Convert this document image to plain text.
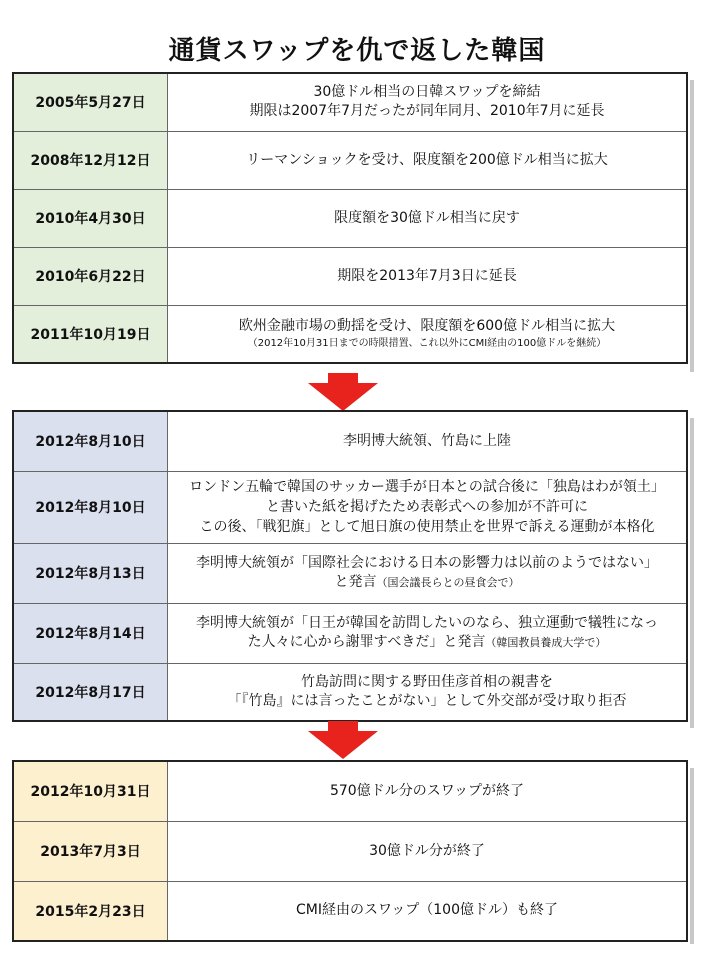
通貨スワップを仇で返した韓国
2005年5月27日	30億ドル相当の日韓スワップを締結
期限は2007年7月だったが同年同月、2010年7月に延長
2008年12月12日	リーマンショックを受け、限度額を200億ドル相当に拡大
2010年4月30日	限度額を30億ドル相当に戻す
2010年6月22日	期限を2013年7月3日に延長
2011年10月19日	欧州金融市場の動揺を受け、限度額を600億ドル相当に拡大
（2012年10月31日までの時限措置、これ以外にCMI経由の100億ドルを継続）
2012年8月10日	李明博大統領、竹島に上陸
2012年8月10日	ロンドン五輪で韓国のサッカー選手が日本との試合後に「独島はわが領土」
と書いた紙を掲げたため表彰式への参加が不許可に
この後、「戦犯旗」として旭日旗の使用禁止を世界で訴える運動が本格化
2012年8月13日	李明博大統領が「国際社会における日本の影響力は以前のようではない」
と発言（国会議長らとの昼食会で）
2012年8月14日	李明博大統領が「日王が韓国を訪問したいのなら、独立運動で犠牲になっ
た人々に心から謝罪すべきだ」と発言（韓国教員養成大学で）
2012年8月17日	竹島訪問に関する野田佳彦首相の親書を
「『竹島』には言ったことがない」として外交部が受け取り拒否
2012年10月31日	570億ドル分のスワップが終了
2013年7月3日	30億ドル分が終了
2015年2月23日	CMI経由のスワップ（100億ドル）も終了
